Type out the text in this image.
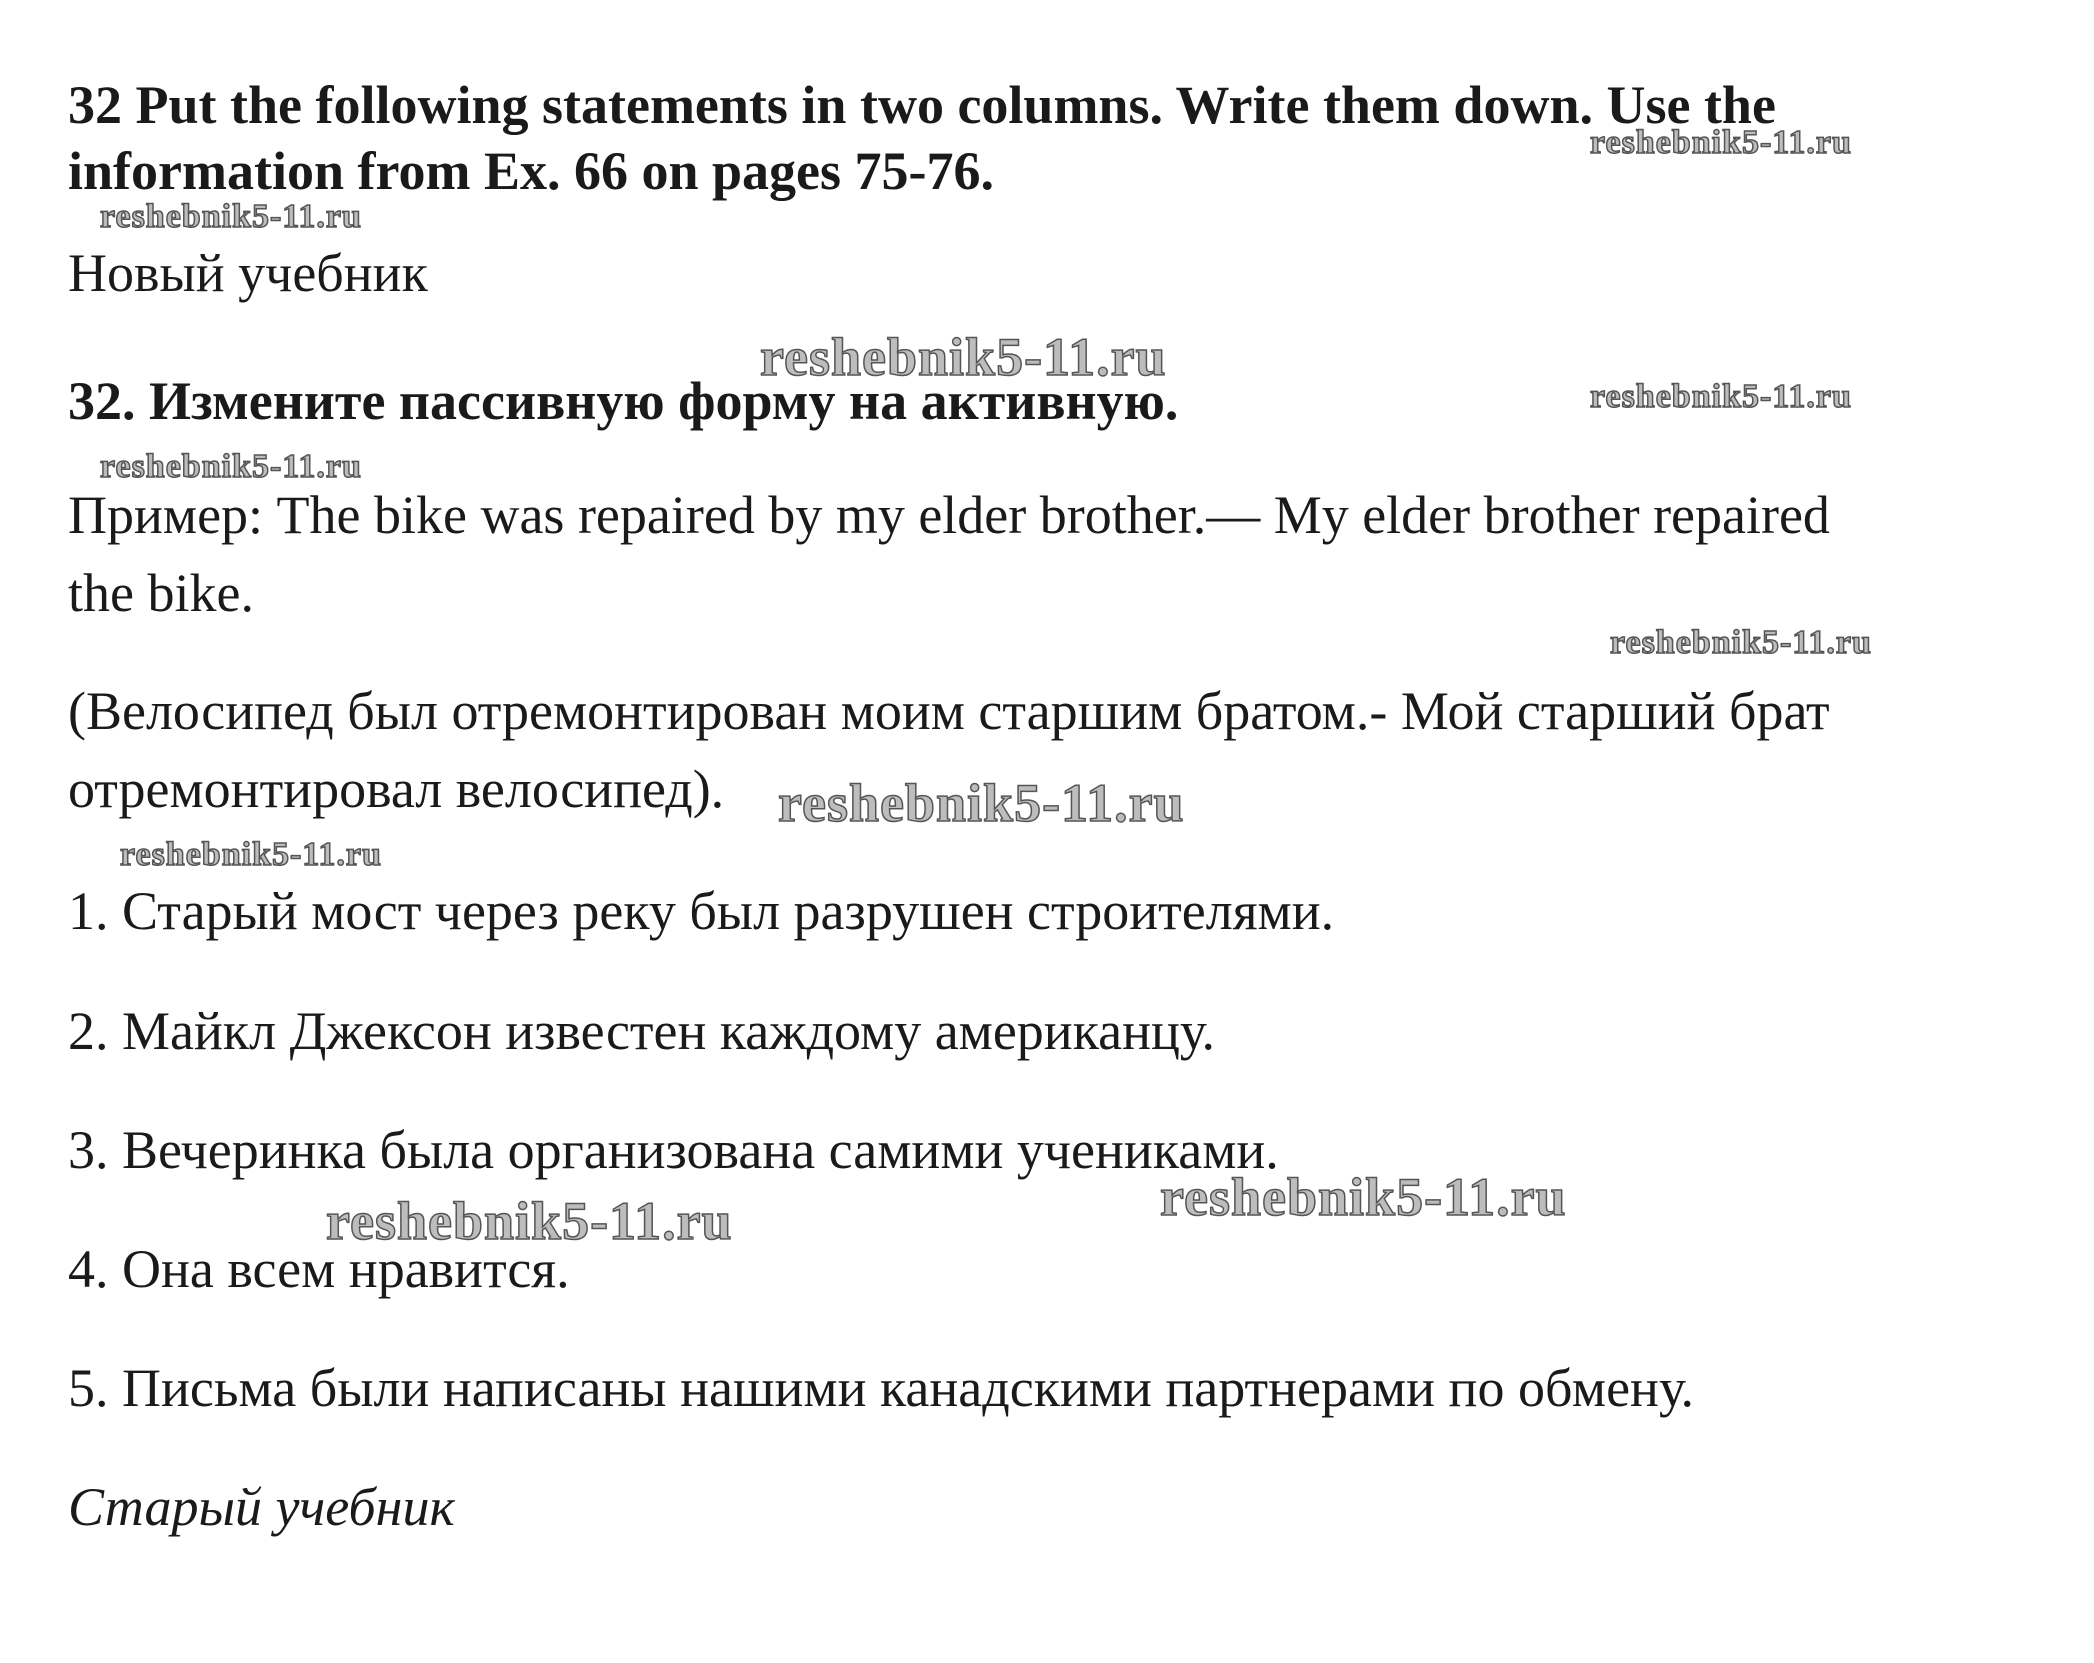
32 Put the following statements in two columns. Write them down. Use the
information from Ex. 66 on pages 75-76.
Новый учебник
32. Измените пассивную форму на активную.
Пример: The bike was repaired by my elder brother.— My elder brother repaired
the bike.
(Велосипед был отремонтирован моим старшим братом.- Мой старший брат
отремонтировал велосипед).
1. Старый мост через реку был разрушен строителями.
2. Майкл Джексон известен каждому американцу.
3. Вечеринка была организована самими учениками.
4. Она всем нравится.
5. Письма были написаны нашими канадскими партнерами по обмену.
Старый учебник
reshebnik5-11.ru
reshebnik5-11.ru
reshebnik5-11.ru
reshebnik5-11.ru
reshebnik5-11.ru
reshebnik5-11.ru
reshebnik5-11.ru
reshebnik5-11.ru
reshebnik5-11.ru
reshebnik5-11.ru
